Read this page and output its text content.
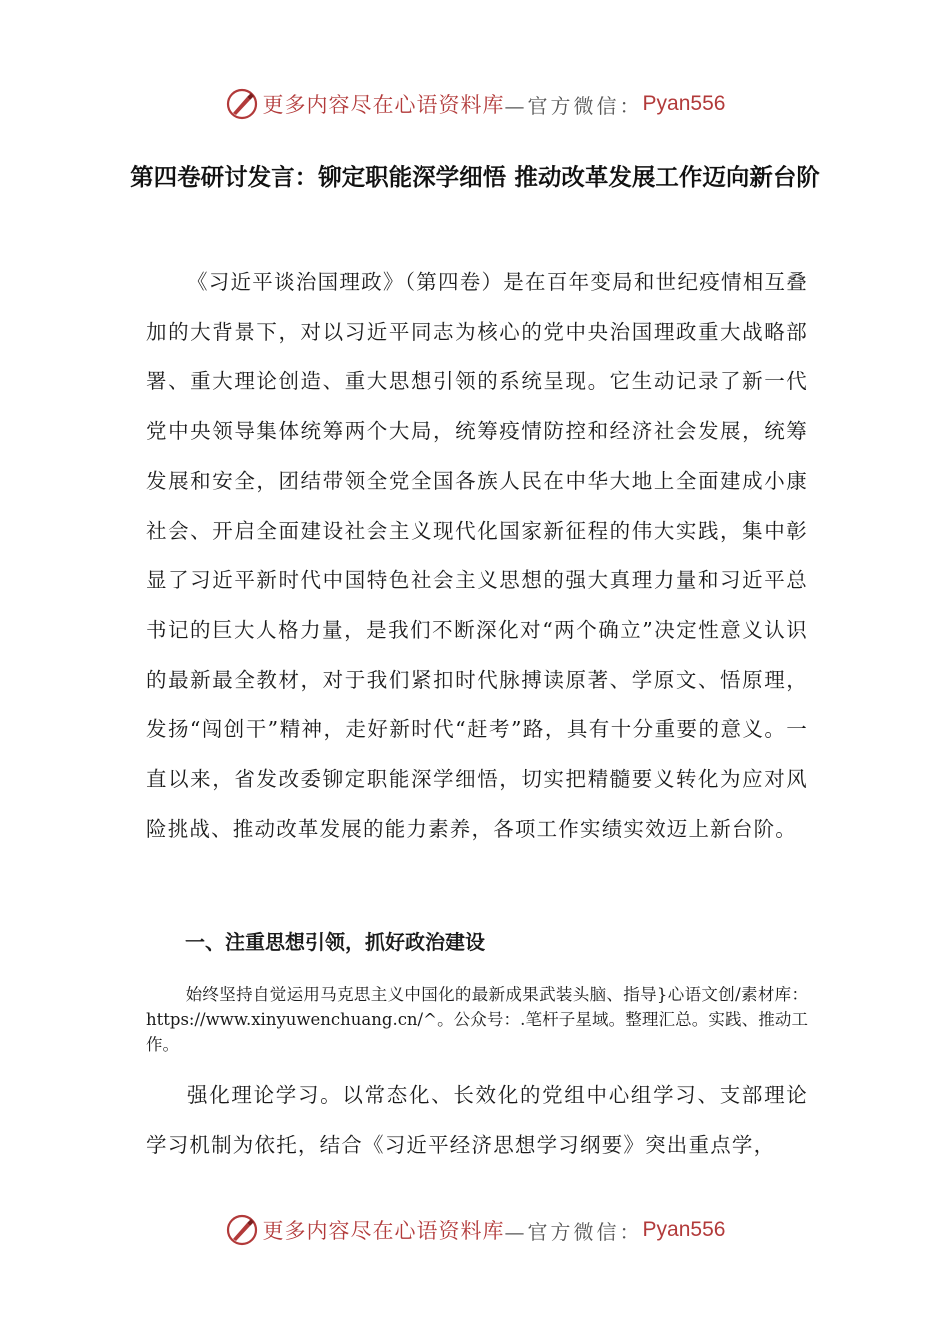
更多内容尽在心语资料库 —官方微信： Pyan556
第四卷研讨发言：铆定职能深学细悟 推动改革发展工作迈向新台阶
《习近平谈治国理政》（第四卷）是在百年变局和世纪疫情相互叠加的大背景下，对以习近平同志为核心的党中央治国理政重大战略部署、重大理论创造、重大思想引领的系统呈现。它生动记录了新一代党中央领导集体统筹两个大局，统筹疫情防控和经济社会发展，统筹发展和安全，团结带领全党全国各族人民在中华大地上全面建成小康社会、开启全面建设社会主义现代化国家新征程的伟大实践，集中彰显了习近平新时代中国特色社会主义思想的强大真理力量和习近平总书记的巨大人格力量，是我们不断深化对“两个确立”决定性意义认识的最新最全教材，对于我们紧扣时代脉搏读原著、学原文、悟原理，发扬“闯创干”精神，走好新时代“赶考”路，具有十分重要的意义。一直以来，省发改委铆定职能深学细悟，切实把精髓要义转化为应对风险挑战、推动改革发展的能力素养，各项工作实绩实效迈上新台阶。
一、注重思想引领，抓好政治建设
始终坚持自觉运用马克思主义中国化的最新成果武装头脑、指导}心语文创/素材库：https://www.xinyuwenchuang.cn/^。公众号：.笔杆子星域。整理汇总。实践、推动工作。
强化理论学习。以常态化、长效化的党组中心组学习、支部理论学习机制为依托，结合《习近平经济思想学习纲要》突出重点学，
更多内容尽在心语资料库 —官方微信： Pyan556
